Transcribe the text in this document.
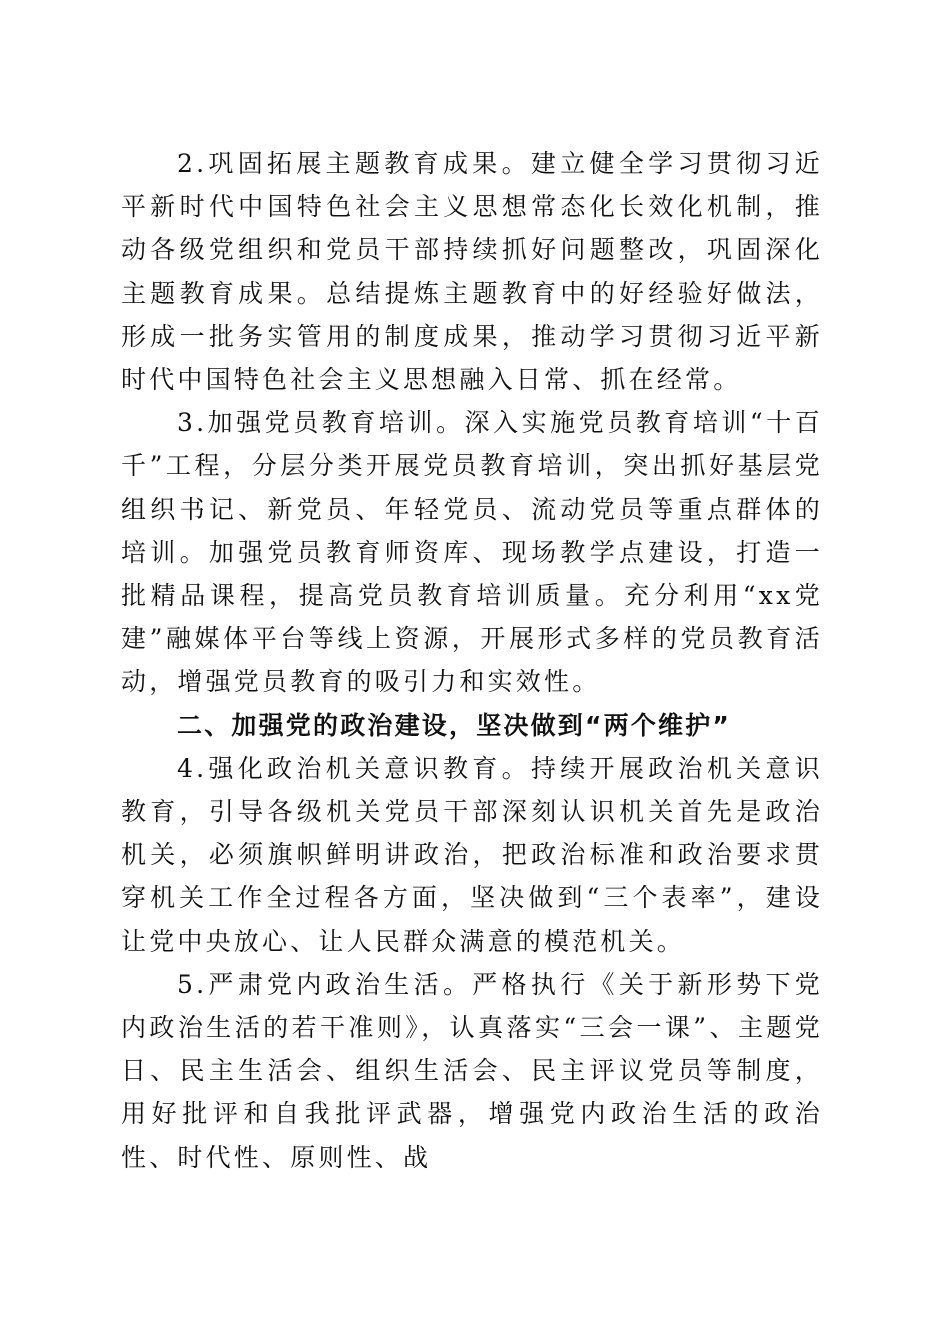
2.巩固拓展主题教育成果。建立健全学习贯彻习近平新时代中国特色社会主义思想常态化长效化机制，推动各级党组织和党员干部持续抓好问题整改，巩固深化主题教育成果。总结提炼主题教育中的好经验好做法，形成一批务实管用的制度成果，推动学习贯彻习近平新时代中国特色社会主义思想融入日常、抓在经常。

3.加强党员教育培训。深入实施党员教育培训“十百千”工程，分层分类开展党员教育培训，突出抓好基层党组织书记、新党员、年轻党员、流动党员等重点群体的培训。加强党员教育师资库、现场教学点建设，打造一批精品课程，提高党员教育培训质量。充分利用“xx党建”融媒体平台等线上资源，开展形式多样的党员教育活动，增强党员教育的吸引力和实效性。

二、加强党的政治建设，坚决做到“两个维护”

4.强化政治机关意识教育。持续开展政治机关意识教育，引导各级机关党员干部深刻认识机关首先是政治机关，必须旗帜鲜明讲政治，把政治标准和政治要求贯穿机关工作全过程各方面，坚决做到“三个表率”，建设让党中央放心、让人民群众满意的模范机关。

5.严肃党内政治生活。严格执行《关于新形势下党内政治生活的若干准则》，认真落实“三会一课”、主题党日、民主生活会、组织生活会、民主评议党员等制度，用好批评和自我批评武器，增强党内政治生活的政治性、时代性、原则性、战
